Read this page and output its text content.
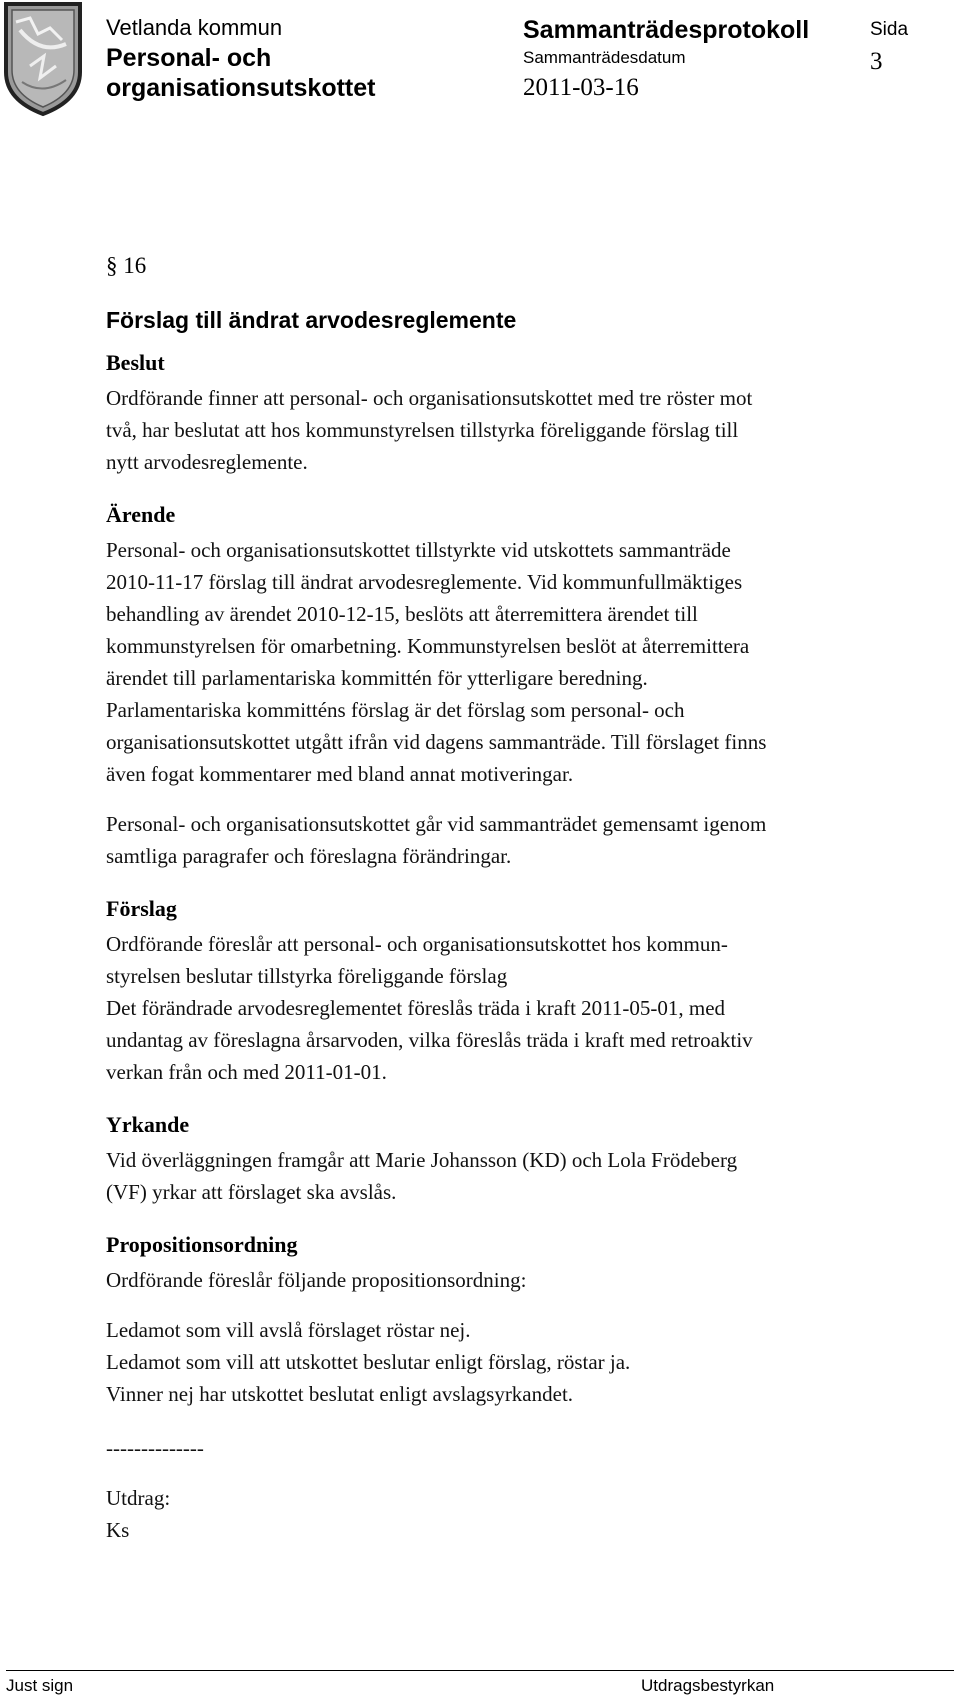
Vetlanda kommun
Personal- och
organisationsutskottet
Sammanträdesprotokoll
Sammanträdesdatum
2011-03-16
Sida
3
§ 16
Förslag till ändrat arvodesreglemente
Beslut
Ordförande finner att personal- och organisationsutskottet med tre röster mot
två, har beslutat att hos kommunstyrelsen tillstyrka föreliggande förslag till
nytt arvodesreglemente.
Ärende
Personal- och organisationsutskottet tillstyrkte vid utskottets sammanträde
2010-11-17 förslag till ändrat arvodesreglemente. Vid kommunfullmäktiges
behandling av ärendet 2010-12-15, beslöts att återremittera ärendet till
kommunstyrelsen för omarbetning. Kommunstyrelsen beslöt at återremittera
ärendet till parlamentariska kommittén för ytterligare beredning.
Parlamentariska kommitténs förslag är det förslag som personal- och
organisationsutskottet utgått ifrån vid dagens sammanträde. Till förslaget finns
även fogat kommentarer med bland annat motiveringar.
Personal- och organisationsutskottet går vid sammanträdet gemensamt igenom
samtliga paragrafer och föreslagna förändringar.
Förslag
Ordförande föreslår att personal- och organisationsutskottet hos kommun-
styrelsen beslutar tillstyrka föreliggande förslag
Det förändrade arvodesreglementet föreslås träda i kraft 2011-05-01, med
undantag av föreslagna årsarvoden, vilka föreslås träda i kraft med retroaktiv
verkan från och med 2011-01-01.
Yrkande
Vid överläggningen framgår att Marie Johansson (KD) och Lola Frödeberg
(VF) yrkar att förslaget ska avslås.
Propositionsordning
Ordförande föreslår följande propositionsordning:
Ledamot som vill avslå förslaget röstar nej.
Ledamot som vill att utskottet beslutar enligt förslag, röstar ja.
Vinner nej har utskottet beslutat enligt avslagsyrkandet.
--------------
Utdrag:
Ks
Just sign	Utdragsbestyrkan
